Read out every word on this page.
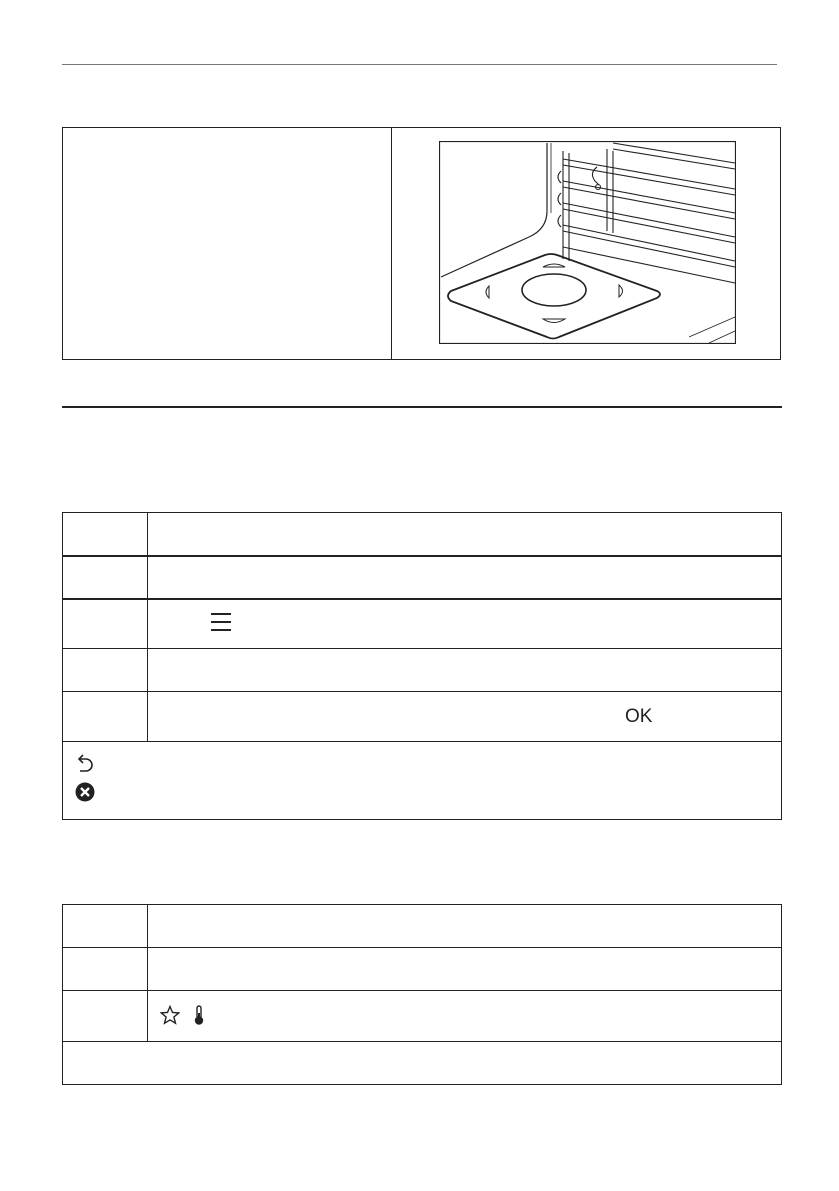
	OK
